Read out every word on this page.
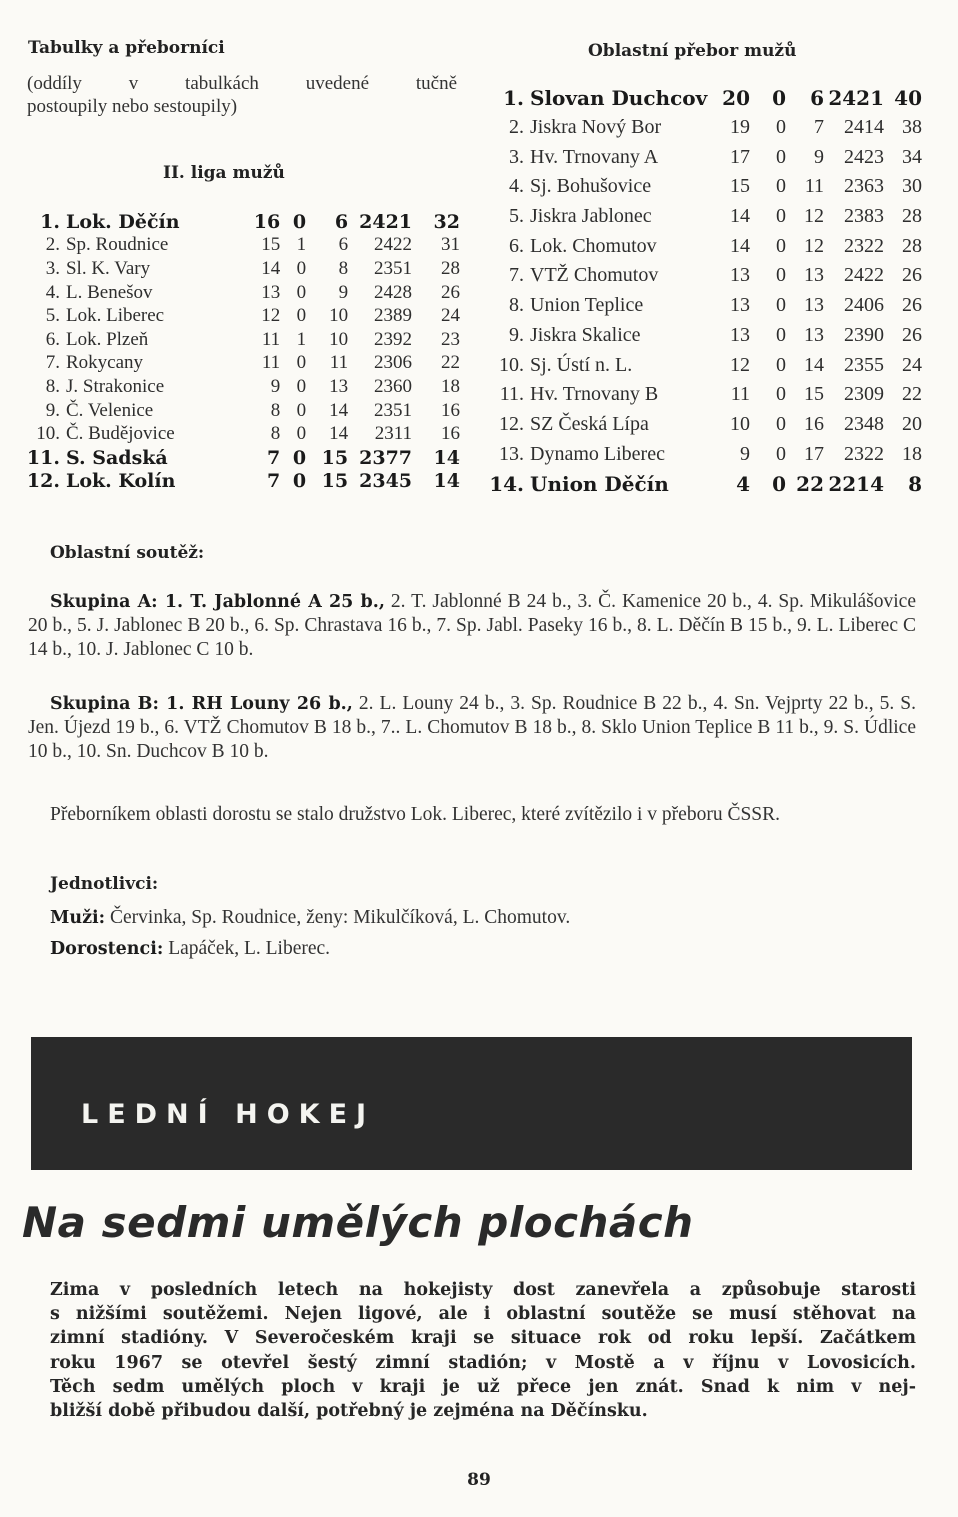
Tabulky a přeborníci
(oddíly v tabulkách uvedené tučně
postoupily nebo sestoupily)
II. liga mužů
1.	Lok. Děčín	16	0	6	2421	32
2.	Sp. Roudnice	15	1	6	2422	31
3.	Sl. K. Vary	14	0	8	2351	28
4.	L. Benešov	13	0	9	2428	26
5.	Lok. Liberec	12	0	10	2389	24
6.	Lok. Plzeň	11	1	10	2392	23
7.	Rokycany	11	0	11	2306	22
8.	J. Strakonice	9	0	13	2360	18
9.	Č. Velenice	8	0	14	2351	16
10.	Č. Budějovice	8	0	14	2311	16
11.	S. Sadská	7	0	15	2377	14
12.	Lok. Kolín	7	0	15	2345	14
Oblastní přebor mužů
1.	Slovan Duchcov	20	0	6	2421	40
2.	Jiskra Nový Bor	19	0	7	2414	38
3.	Hv. Trnovany A	17	0	9	2423	34
4.	Sj. Bohušovice	15	0	11	2363	30
5.	Jiskra Jablonec	14	0	12	2383	28
6.	Lok. Chomutov	14	0	12	2322	28
7.	VTŽ Chomutov	13	0	13	2422	26
8.	Union Teplice	13	0	13	2406	26
9.	Jiskra Skalice	13	0	13	2390	26
10.	Sj. Ústí n. L.	12	0	14	2355	24
11.	Hv. Trnovany B	11	0	15	2309	22
12.	SZ Česká Lípa	10	0	16	2348	20
13.	Dynamo Liberec	9	0	17	2322	18
14.	Union Děčín	4	0	22	2214	8
Oblastní soutěž:
Skupina A: 1. T. Jablonné A 25 b., 2. T. Jablonné B 24 b., 3. Č. Kamenice 20 b., 4. Sp. Mikulášovice 20 b., 5. J. Jablonec B 20 b., 6. Sp. Chrastava 16 b., 7. Sp. Jabl. Paseky 16 b., 8. L. Děčín B 15 b., 9. L. Liberec C 14 b., 10. J. Jablonec C 10 b.
Skupina B: 1. RH Louny 26 b., 2. L. Louny 24 b., 3. Sp. Roudnice B 22 b., 4. Sn. Vejprty 22 b., 5. S. Jen. Újezd 19 b., 6. VTŽ Chomutov B 18 b., 7.. L. Chomutov B 18 b., 8. Sklo Union Teplice B 11 b., 9. S. Údlice 10 b., 10. Sn. Duchcov B 10 b.
Přeborníkem oblasti dorostu se stalo družstvo Lok. Liberec, které zvítězilo i v přeboru ČSSR.
Jednotlivci:
Muži: Červinka, Sp. Roudnice, ženy: Mikulčíková, L. Chomutov.
Dorostenci: Lapáček, L. Liberec.
LEDNÍ HOKEJ
Na sedmi umělých plochách
Zima v posledních letech na hokejisty dost zanevřela a způsobuje starosti
s nižšími soutěžemi. Nejen ligové, ale i oblastní soutěže se musí stěhovat na
zimní stadióny. V Severočeském kraji se situace rok od roku lepší. Začátkem
roku 1967 se otevřel šestý zimní stadión; v Mostě a v říjnu v Lovosicích.
Těch sedm umělých ploch v kraji je už přece jen znát. Snad k nim v nej-
bližší době přibudou další, potřebný je zejména na Děčínsku.
89
